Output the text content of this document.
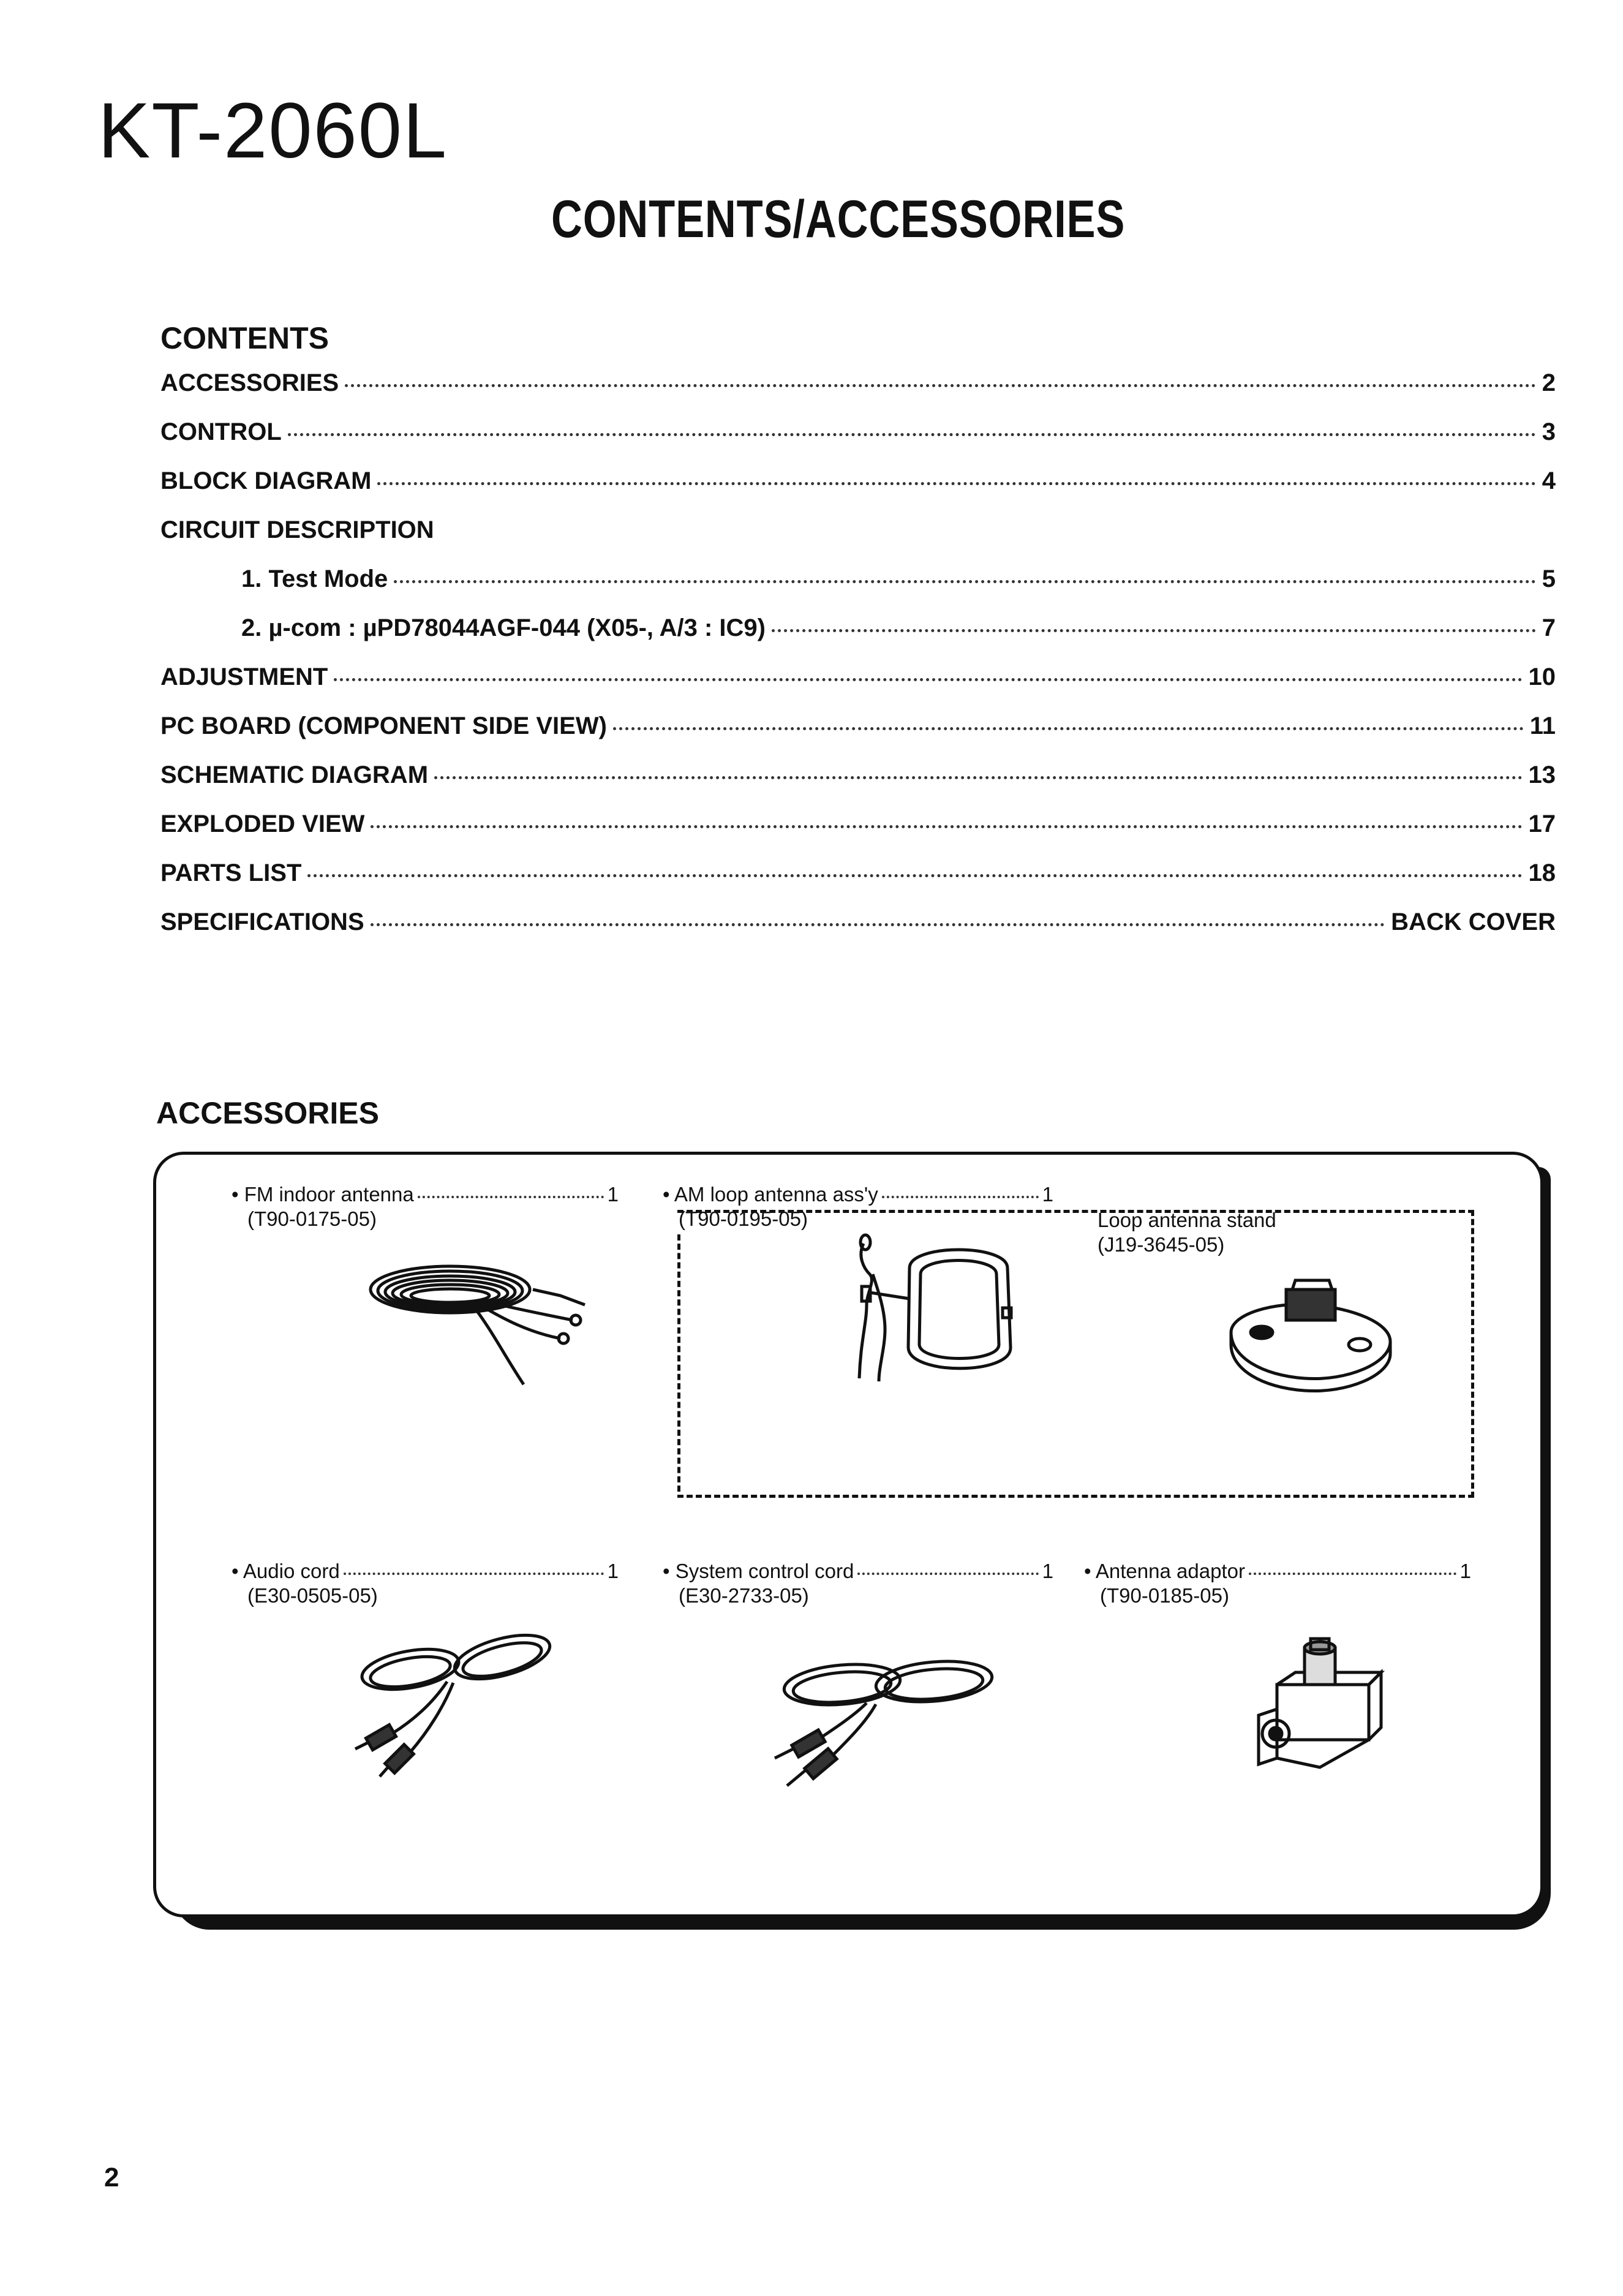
KT-2060L
CONTENTS/ACCESSORIES
CONTENTS
ACCESSORIES	2
CONTROL	3
BLOCK DIAGRAM	4
CIRCUIT DESCRIPTION
1. Test Mode	5
2. µ-com : µPD78044AGF-044 (X05-, A/3 : IC9)	7
ADJUSTMENT	10
PC BOARD (COMPONENT SIDE VIEW)	11
SCHEMATIC DIAGRAM	13
EXPLODED VIEW	17
PARTS LIST	18
SPECIFICATIONS	BACK COVER
ACCESSORIES
• FM indoor antenna	1
(T90-0175-05)
• AM loop antenna ass'y	1
(T90-0195-05)	Loop antenna stand
(J19-3645-05)
• Audio cord	1
(E30-0505-05)
• System control cord	1
(E30-2733-05)
• Antenna adaptor	1
(T90-0185-05)
2
